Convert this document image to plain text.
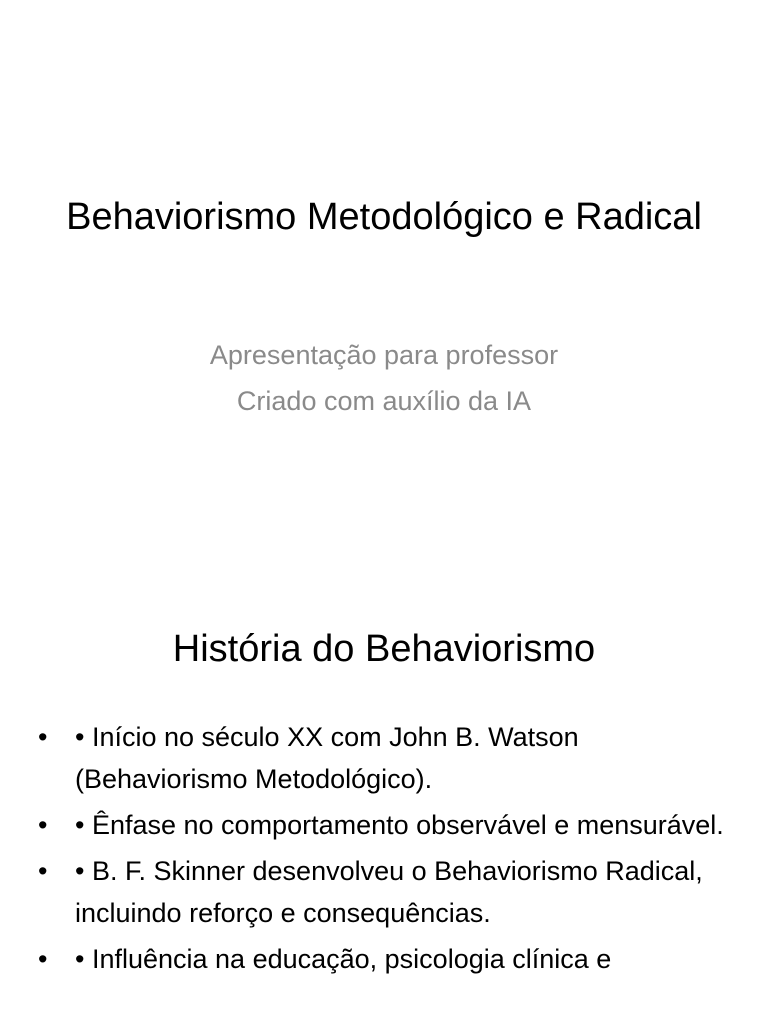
Behaviorismo Metodológico e Radical
Apresentação para professor
Criado com auxílio da IA
História do Behaviorismo
• • Início no século XX com John B. Watson (Behaviorismo Metodológico).
• • Ênfase no comportamento observável e mensurável.
• • B. F. Skinner desenvolveu o Behaviorismo Radical, incluindo reforço e consequências.
• • Influência na educação, psicologia clínica e
